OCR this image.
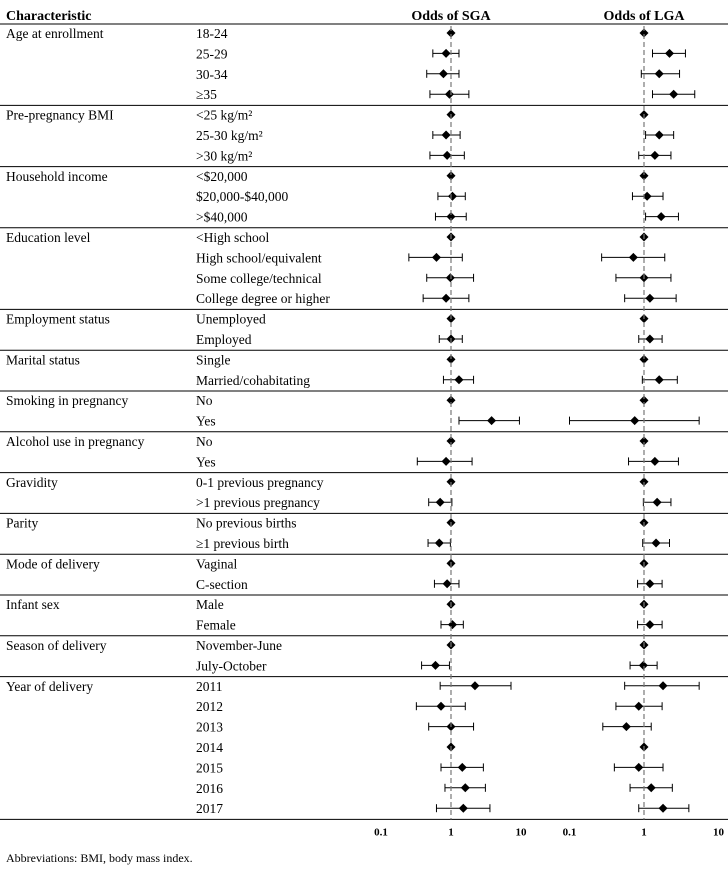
Characteristic	Odds of SGA	Odds of LGA
Age at enrollment	18-24
25-29
30-34
≥35
Pre-pregnancy BMI	<25 kg/m²
25-30 kg/m²
>30 kg/m²
Household income	<$20,000
$20,000-$40,000
>$40,000
Education level	<High school
High school/equivalent
Some college/technical
College degree or higher
Employment status	Unemployed
Employed
Marital status	Single
Married/cohabitating
Smoking in pregnancy	No
Yes
Alcohol use in pregnancy	No
Yes
Gravidity	0-1 previous pregnancy
>1 previous pregnancy
Parity	No previous births
≥1 previous birth
Mode of delivery	Vaginal
C-section
Infant sex	Male
Female
Season of delivery	November-June
July-October
Year of delivery	2011
2012
2013
2014
2015
2016
2017
0.1	1	10	0.1	1	10
Abbreviations: BMI, body mass index.
